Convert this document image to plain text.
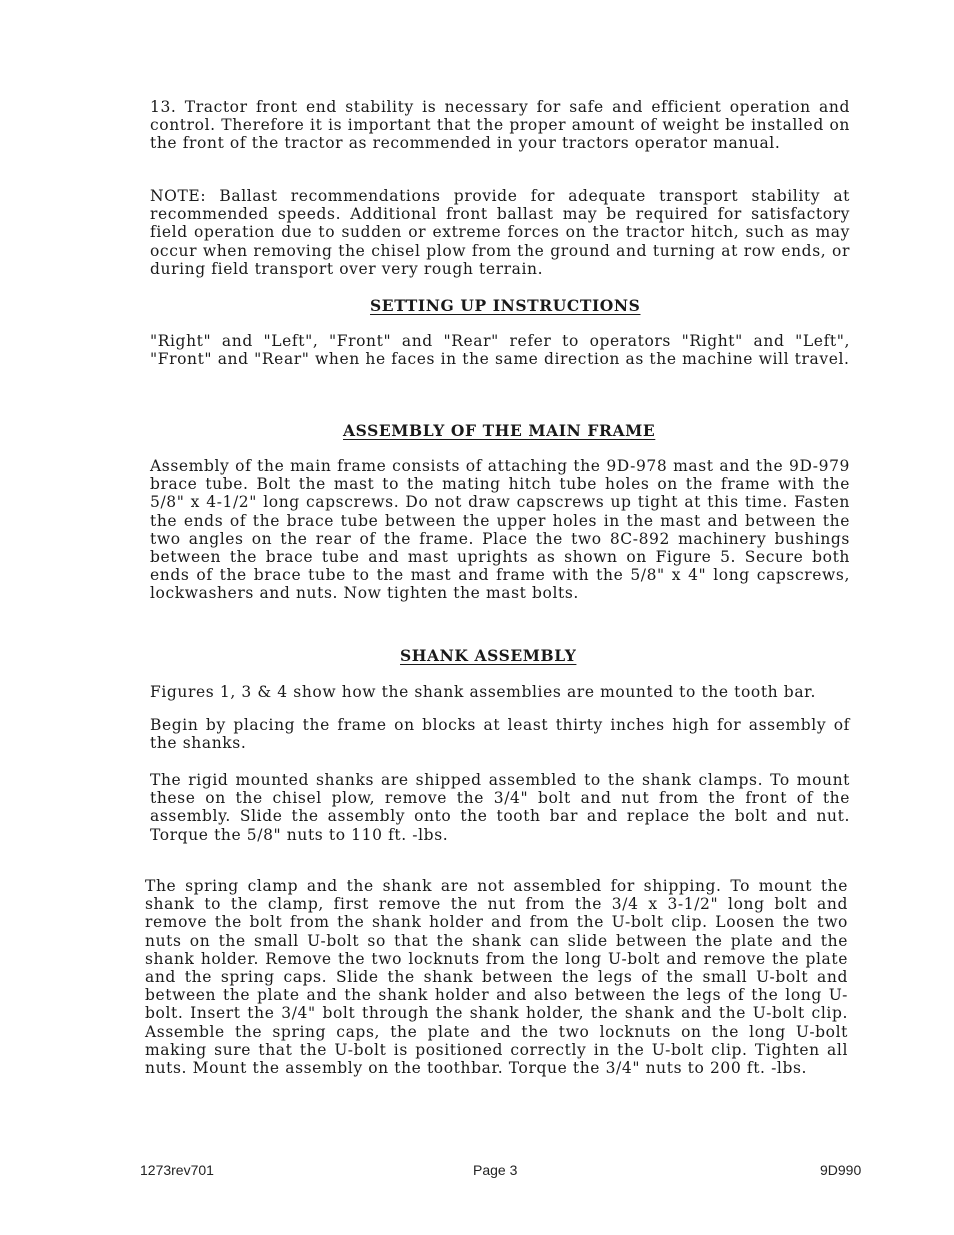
13. Tractor front end stability is necessary for safe and efficient operation and control. Therefore it is important that the proper amount of weight be installed on the front of the tractor as recommended in your tractors operator manual.

NOTE: Ballast recommendations provide for adequate transport stability at recommended speeds. Additional front ballast may be required for satisfactory field operation due to sudden or extreme forces on the tractor hitch, such as may occur when removing the chisel plow from the ground and turning at row ends, or during field transport over very rough terrain.

SETTING UP INSTRUCTIONS

"Right" and "Left", "Front" and "Rear" refer to operators "Right" and "Left", "Front" and "Rear" when he faces in the same direction as the machine will travel.

ASSEMBLY OF THE MAIN FRAME

Assembly of the main frame consists of attaching the 9D-978 mast and the 9D-979 brace tube. Bolt the mast to the mating hitch tube holes on the frame with the 5/8" x 4-1/2" long capscrews. Do not draw capscrews up tight at this time. Fasten the ends of the brace tube between the upper holes in the mast and between the two angles on the rear of the frame. Place the two 8C-892 machinery bushings between the brace tube and mast uprights as shown on Figure 5. Secure both ends of the brace tube to the mast and frame with the 5/8" x 4" long capscrews, lockwashers and nuts. Now tighten the mast bolts.

SHANK ASSEMBLY

Figures 1, 3 & 4 show how the shank assemblies are mounted to the tooth bar.

Begin by placing the frame on blocks at least thirty inches high for assembly of the shanks.

The rigid mounted shanks are shipped assembled to the shank clamps. To mount these on the chisel plow, remove the 3/4" bolt and nut from the front of the assembly. Slide the assembly onto the tooth bar and replace the bolt and nut. Torque the 5/8" nuts to 110 ft. -lbs.

The spring clamp and the shank are not assembled for shipping. To mount the shank to the clamp, first remove the nut from the 3/4 x 3-1/2" long bolt and remove the bolt from the shank holder and from the U-bolt clip. Loosen the two nuts on the small U-bolt so that the shank can slide between the plate and the shank holder. Remove the two locknuts from the long U-bolt and remove the plate and the spring caps. Slide the shank between the legs of the small U-bolt and between the plate and the shank holder and also between the legs of the long U-bolt. Insert the 3/4" bolt through the shank holder, the shank and the U-bolt clip. Assemble the spring caps, the plate and the two locknuts on the long U-bolt making sure that the U-bolt is positioned correctly in the U-bolt clip. Tighten all nuts. Mount the assembly on the toothbar. Torque the 3/4" nuts to 200 ft. -lbs.

1273rev701	Page 3	9D990
